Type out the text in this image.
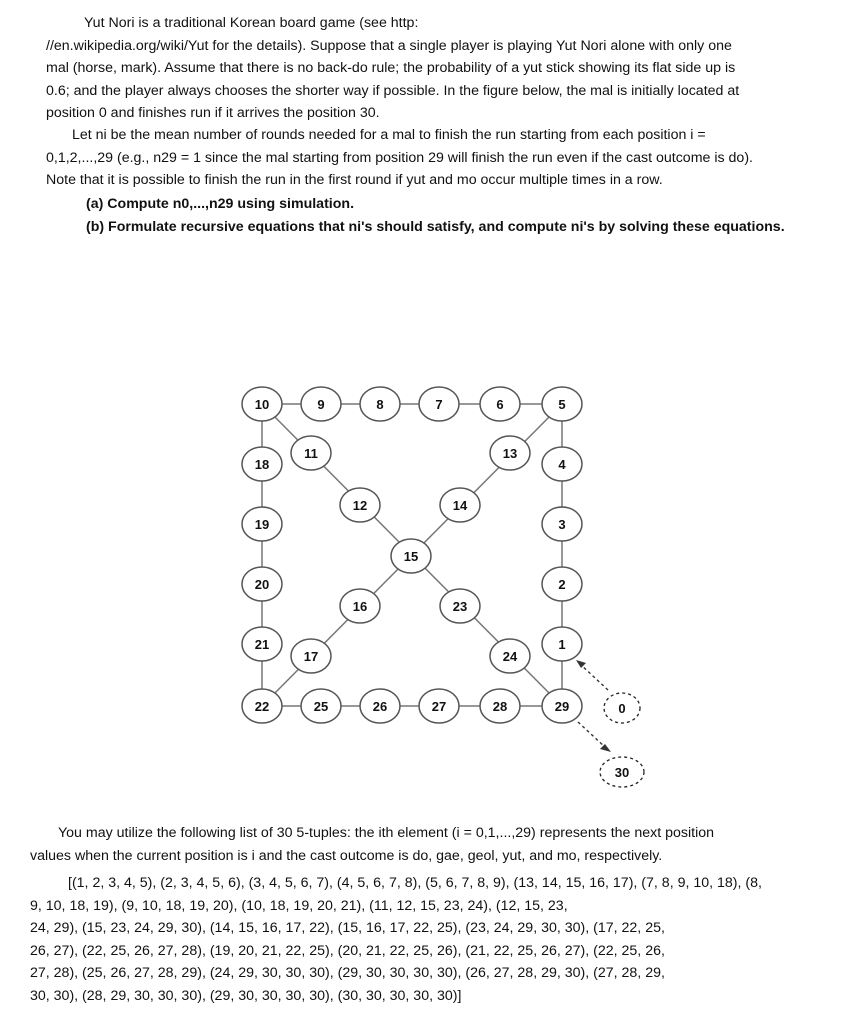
Yut Nori is a traditional Korean board game (see http:
//en.wikipedia.org/wiki/Yut for the details). Suppose that a single player is playing Yut Nori alone with only one
mal (horse, mark). Assume that there is no back-do rule; the probability of a yut stick showing its flat side up is
0.6; and the player always chooses the shorter way if possible. In the figure below, the mal is initially located at
position 0 and finishes run if it arrives the position 30.
Let ni be the mean number of rounds needed for a mal to finish the run starting from each position i =
0,1,2,...,29 (e.g., n29 = 1 since the mal starting from position 29 will finish the run even if the cast outcome is do).
Note that it is possible to finish the run in the first round if yut and mo occur multiple times in a row.
(a) Compute n0,...,n29 using simulation.
(b) Formulate recursive equations that ni's should satisfy, and compute ni's by solving these equations.
10	9	8	7	6	5
18
19
20
21
4
3
2
1
22	25	26	27	28	29
11
12
15
16
17
13
14
23
24
0
30
You may utilize the following list of 30 5-tuples: the ith element (i = 0,1,...,29) represents the next position
values when the current position is i and the cast outcome is do, gae, geol, yut, and mo, respectively.
[(1, 2, 3, 4, 5), (2, 3, 4, 5, 6), (3, 4, 5, 6, 7), (4, 5, 6, 7, 8), (5, 6, 7, 8, 9), (13, 14, 15, 16, 17), (7, 8, 9, 10, 18), (8,
9, 10, 18, 19), (9, 10, 18, 19, 20), (10, 18, 19, 20, 21), (11, 12, 15, 23, 24), (12, 15, 23,
24, 29), (15, 23, 24, 29, 30), (14, 15, 16, 17, 22), (15, 16, 17, 22, 25), (23, 24, 29, 30, 30), (17, 22, 25,
26, 27), (22, 25, 26, 27, 28), (19, 20, 21, 22, 25), (20, 21, 22, 25, 26), (21, 22, 25, 26, 27), (22, 25, 26,
27, 28), (25, 26, 27, 28, 29), (24, 29, 30, 30, 30), (29, 30, 30, 30, 30), (26, 27, 28, 29, 30), (27, 28, 29,
30, 30), (28, 29, 30, 30, 30), (29, 30, 30, 30, 30), (30, 30, 30, 30, 30)]
